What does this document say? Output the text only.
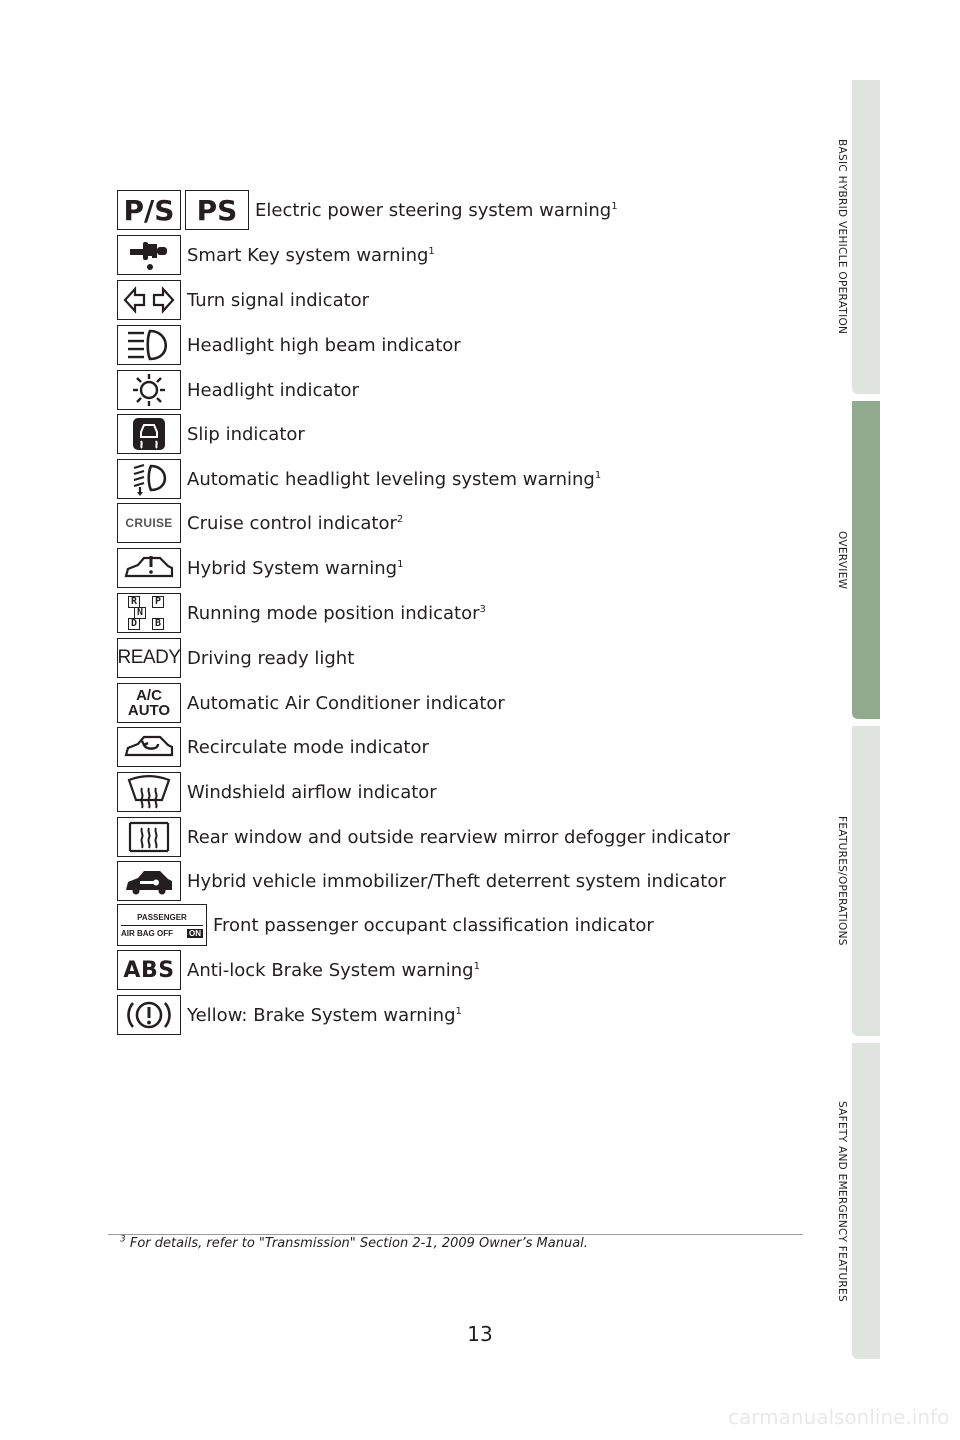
BASIC HYBRID VEHICLE OPERATION
OVERVIEW
FEATURES/OPERATIONS
SAFETY AND EMERGENCY FEATURES
P/S PS Electric power steering system warning$^1$
Smart Key system warning$^1$
Turn signal indicator
Headlight high beam indicator
Headlight indicator
Slip indicator
Automatic headlight leveling system warning$^1$
CRUISE Cruise control indicator$^2$
Hybrid System warning$^1$
R	P
N
D	B Running mode position indicator$^3$
READY Driving ready light
A/C
AUTO Automatic Air Conditioner indicator
Recirculate mode indicator
Windshield airflow indicator
Rear window and outside rearview mirror defogger indicator
Hybrid vehicle immobilizer/Theft deterrent system indicator
PASSENGER
AIR BAG OFF ON Front passenger occupant classification indicator
ABS Anti-lock Brake System warning$^1$
Yellow: Brake System warning$^1$
$^3$ For details, refer to "Transmission" Section 2-1, 2009 Owner’s Manual.
13
carmanualsonline.info
